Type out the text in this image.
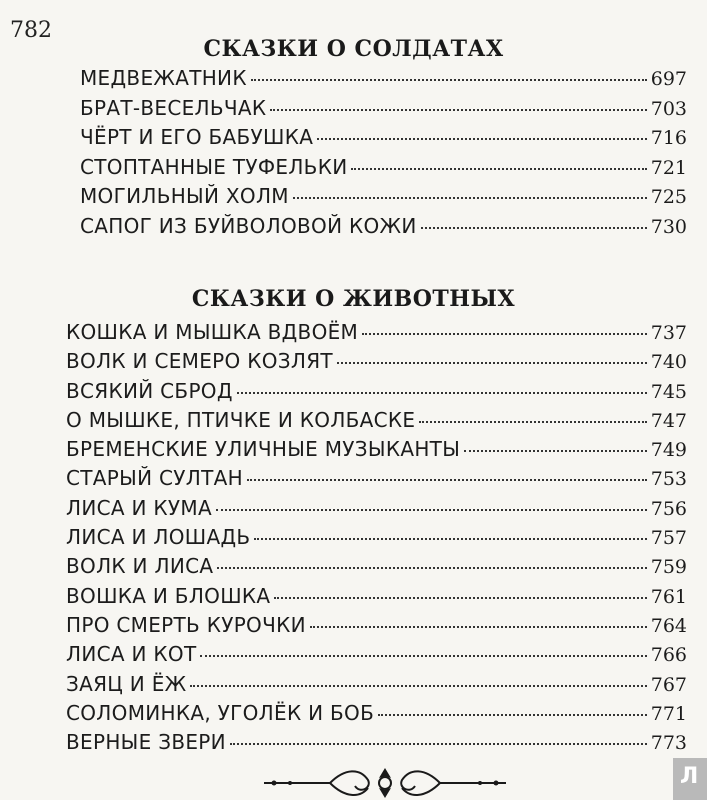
782
СКАЗКИ О СОЛДАТАХ
МЕДВЕЖАТНИК	697
БРАТ-ВЕСЕЛЬЧАК	703
ЧЁРТ И ЕГО БАБУШКА	716
СТОПТАННЫЕ ТУФЕЛЬКИ	721
МОГИЛЬНЫЙ ХОЛМ	725
САПОГ ИЗ БУЙВОЛОВОЙ КОЖИ	730
СКАЗКИ О ЖИВОТНЫХ
КОШКА И МЫШКА ВДВОЁМ	737
ВОЛК И СЕМЕРО КОЗЛЯТ	740
ВСЯКИЙ СБРОД	745
О МЫШКЕ, ПТИЧКЕ И КОЛБАСКЕ	747
БРЕМЕНСКИЕ УЛИЧНЫЕ МУЗЫКАНТЫ	749
СТАРЫЙ СУЛТАН	753
ЛИСА И КУМА	756
ЛИСА И ЛОШАДЬ	757
ВОЛК И ЛИСА	759
ВОШКА И БЛОШКА	761
ПРО СМЕРТЬ КУРОЧКИ	764
ЛИСА И КОТ	766
ЗАЯЦ И ЁЖ	767
СОЛОМИНКА, УГОЛЁК И БОБ	771
ВЕРНЫЕ ЗВЕРИ	773
Л
